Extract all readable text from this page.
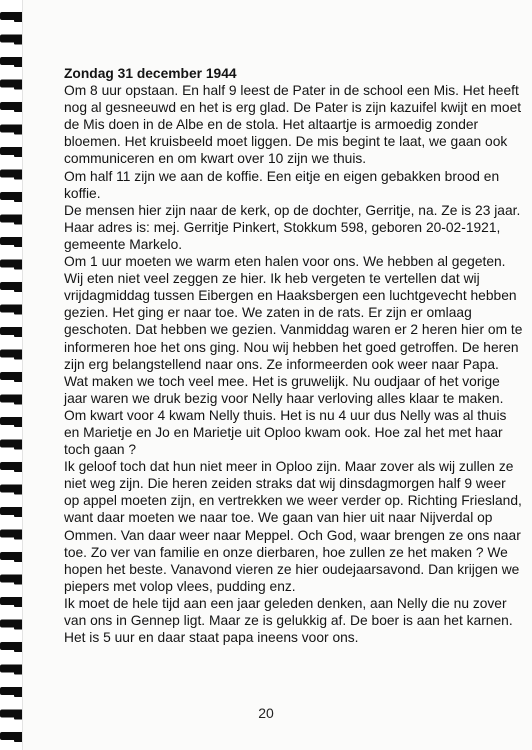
Zondag 31 december 1944

Om 8 uur opstaan. En half 9 leest de Pater in de school een Mis. Het heeft nog al gesneeuwd en het is erg glad. De Pater is zijn kazuifel kwijt en moet de Mis doen in de Albe en de stola. Het altaartje is armoedig zonder bloemen. Het kruisbeeld moet liggen. De mis begint te laat, we gaan ook communiceren en om kwart over 10 zijn we thuis.

Om half 11 zijn we aan de koffie. Een eitje en eigen gebakken brood en koffie.

De mensen hier zijn naar de kerk, op de dochter, Gerritje, na. Ze is 23 jaar. Haar adres is: mej. Gerritje Pinkert, Stokkum 598, geboren 20-02-1921, gemeente Markelo.

Om 1 uur moeten we warm eten halen voor ons. We hebben al gegeten. Wij eten niet veel zeggen ze hier. Ik heb vergeten te vertellen dat wij vrijdagmiddag tussen Eibergen en Haaksbergen een luchtgevecht hebben gezien. Het ging er naar toe. We zaten in de rats. Er zijn er omlaag geschoten. Dat hebben we gezien. Vanmiddag waren er 2 heren hier om te informeren hoe het ons ging. Nou wij hebben het goed getroffen. De heren zijn erg belangstellend naar ons. Ze informeerden ook weer naar Papa. Wat maken we toch veel mee. Het is gruwelijk. Nu oudjaar of het vorige jaar waren we druk bezig voor Nelly haar verloving alles klaar te maken. Om kwart voor 4 kwam Nelly thuis. Het is nu 4 uur dus Nelly was al thuis en Marietje en Jo en Marietje uit Oploo kwam ook. Hoe zal het met haar toch gaan ?

Ik geloof toch dat hun niet meer in Oploo zijn. Maar zover als wij zullen ze niet weg zijn. Die heren zeiden straks dat wij dinsdagmorgen half 9 weer op appel moeten zijn, en vertrekken we weer verder op. Richting Friesland, want daar moeten we naar toe. We gaan van hier uit naar Nijverdal op Ommen. Van daar weer naar Meppel. Och God, waar brengen ze ons naar toe. Zo ver van familie en onze dierbaren, hoe zullen ze het maken ? We hopen het beste. Vanavond vieren ze hier oudejaarsavond. Dan krijgen we piepers met volop vlees, pudding enz.

Ik moet de hele tijd aan een jaar geleden denken, aan Nelly die nu zover van ons in Gennep ligt. Maar ze is gelukkig af. De boer is aan het karnen. Het is 5 uur en daar staat papa ineens voor ons.

20
